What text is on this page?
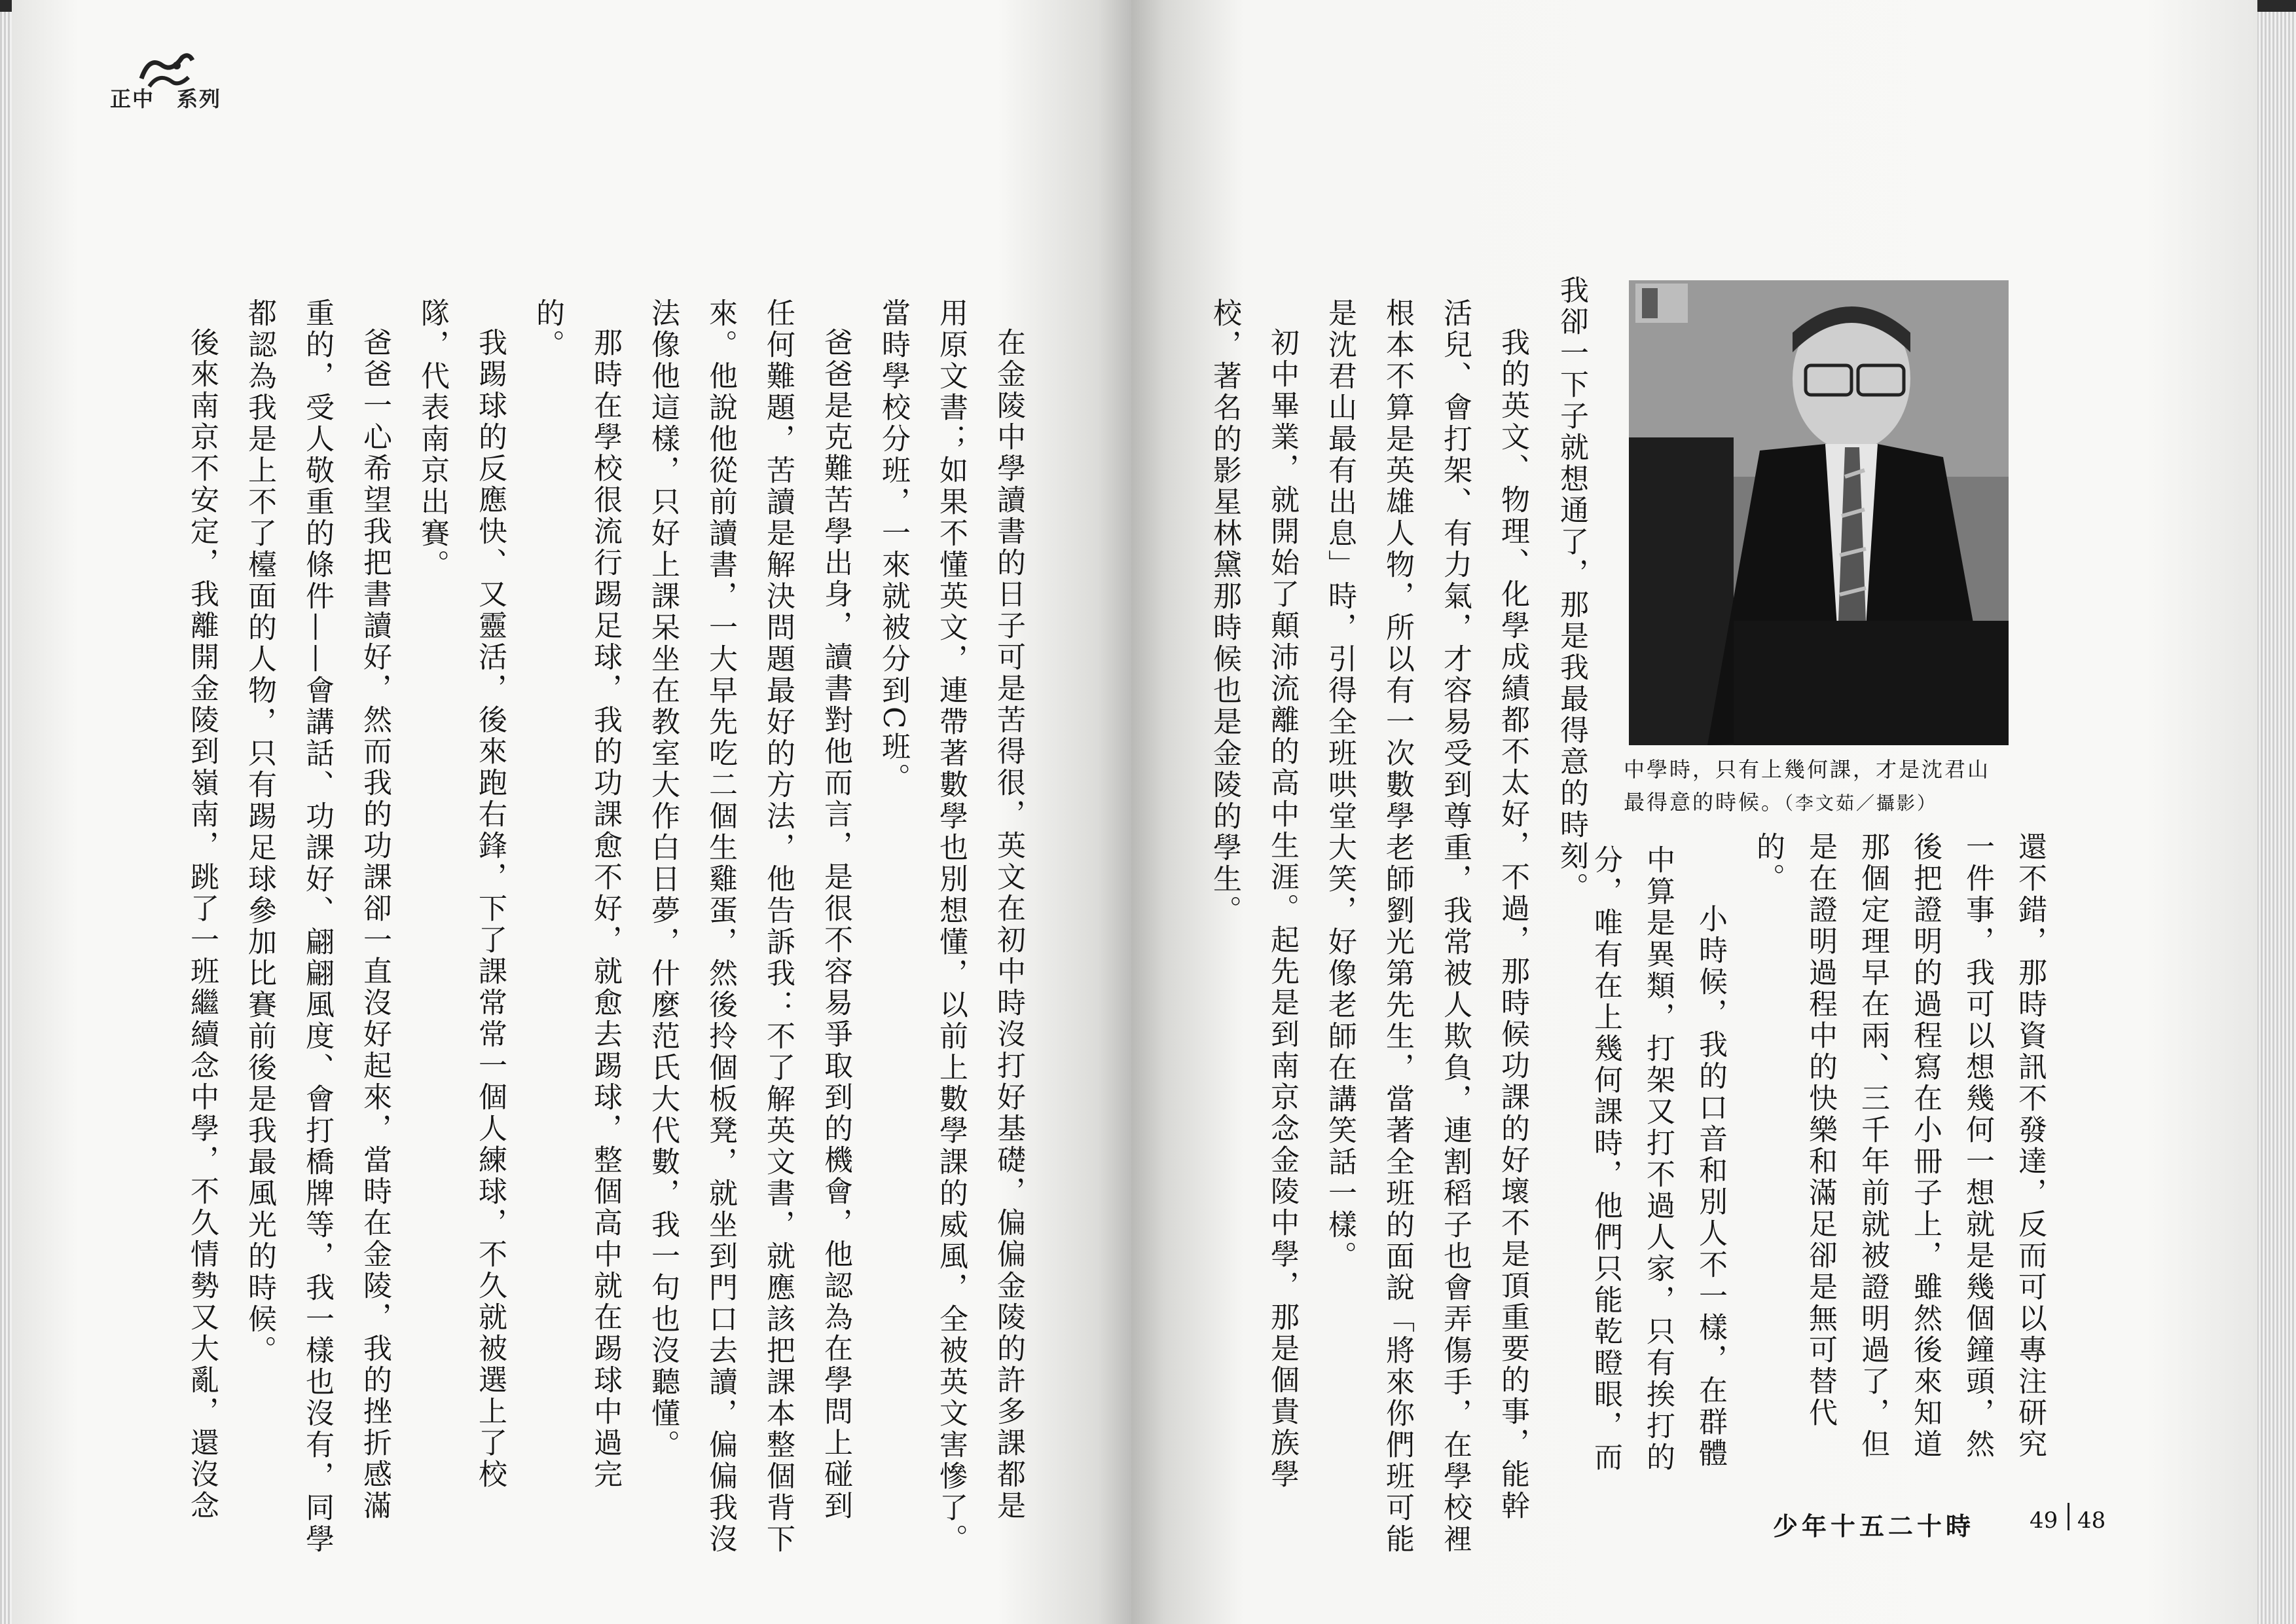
正中　系列

在金陵中學讀書的日子可是苦得很，英文在初中時沒打好基礎，偏偏金陵的許多課都是

用原文書；如果不懂英文，連帶著數學也別想懂，以前上數學課的威風，全被英文害慘了。

當時學校分班，一來就被分到C班。

爸爸是克難苦學出身，讀書對他而言，是很不容易爭取到的機會，他認為在學問上碰到

任何難題，苦讀是解決問題最好的方法，他告訴我：不了解英文書，就應該把課本整個背下

來。他說他從前讀書，一大早先吃二個生雞蛋，然後拎個板凳，就坐到門口去讀，偏偏我沒

法像他這樣，只好上課呆坐在教室大作白日夢，什麼范氏大代數，我一句也沒聽懂。

那時在學校很流行踢足球，我的功課愈不好，就愈去踢球，整個高中就在踢球中過完

的。

我踢球的反應快、又靈活，後來跑右鋒，下了課常常一個人練球，不久就被選上了校

隊，代表南京出賽。

爸爸一心希望我把書讀好，然而我的功課卻一直沒好起來，當時在金陵，我的挫折感滿

重的，受人敬重的條件——會講話、功課好、翩翩風度、會打橋牌等，我一樣也沒有，同學

都認為我是上不了檯面的人物，只有踢足球參加比賽前後是我最風光的時候。

後來南京不安定，我離開金陵到嶺南，跳了一班繼續念中學，不久情勢又大亂，還沒念	中學時，只有上幾何課，才是沈君山
最得意的時候。（李文茹／攝影）

還不錯，那時資訊不發達，反而可以專注研究

一件事，我可以想幾何一想就是幾個鐘頭，然

後把證明的過程寫在小冊子上，雖然後來知道

那個定理早在兩、三千年前就被證明過了，但

是在證明過程中的快樂和滿足卻是無可替代

的。

小時候，我的口音和別人不一樣，在群體

中算是異類，打架又打不過人家，只有挨打的

分，唯有在上幾何課時，他們只能乾瞪眼，而

我卻一下子就想通了，那是我最得意的時刻。

我的英文、物理、化學成績都不太好，不過，那時候功課的好壞不是頂重要的事，能幹

活兒、會打架、有力氣，才容易受到尊重，我常被人欺負，連割稻子也會弄傷手，在學校裡

根本不算是英雄人物，所以有一次數學老師劉光第先生，當著全班的面說「將來你們班可能

是沈君山最有出息」時，引得全班哄堂大笑，好像老師在講笑話一樣。

初中畢業，就開始了顛沛流離的高中生涯。起先是到南京念金陵中學，那是個貴族學

校，著名的影星林黛那時候也是金陵的學生。

少年十五二十時 49 48
